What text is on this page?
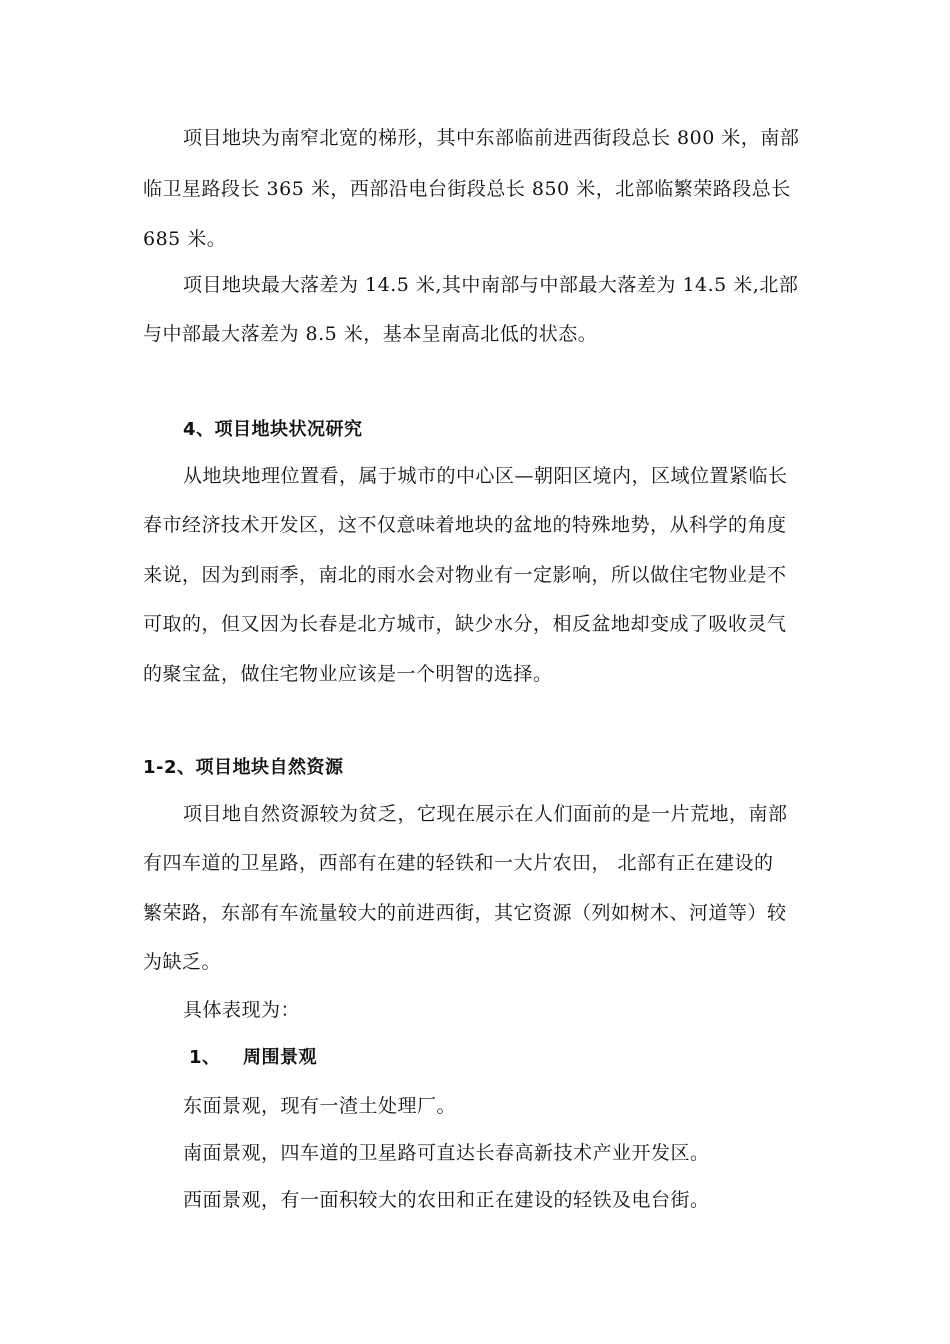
项目地块为南窄北宽的梯形，其中东部临前进西街段总长 800 米，南部
临卫星路段长 365 米，西部沿电台街段总长 850 米，北部临繁荣路段总长
685 米。
项目地块最大落差为 14.5 米,其中南部与中部最大落差为 14.5 米,北部
与中部最大落差为 8.5 米，基本呈南高北低的状态。
4、项目地块状况研究
从地块地理位置看，属于城市的中心区—朝阳区境内，区域位置紧临长
春市经济技术开发区，这不仅意味着地块的盆地的特殊地势，从科学的角度
来说，因为到雨季，南北的雨水会对物业有一定影响，所以做住宅物业是不
可取的，但又因为长春是北方城市，缺少水分，相反盆地却变成了吸收灵气
的聚宝盆，做住宅物业应该是一个明智的选择。
1-2、项目地块自然资源
项目地自然资源较为贫乏，它现在展示在人们面前的是一片荒地，南部
有四车道的卫星路，西部有在建的轻铁和一大片农田， 北部有正在建设的
繁荣路，东部有车流量较大的前进西街，其它资源（列如树木、河道等）较
为缺乏。
具体表现为：
1、 周围景观
东面景观，现有一渣土处理厂。
南面景观，四车道的卫星路可直达长春高新技术产业开发区。
西面景观，有一面积较大的农田和正在建设的轻铁及电台街。
